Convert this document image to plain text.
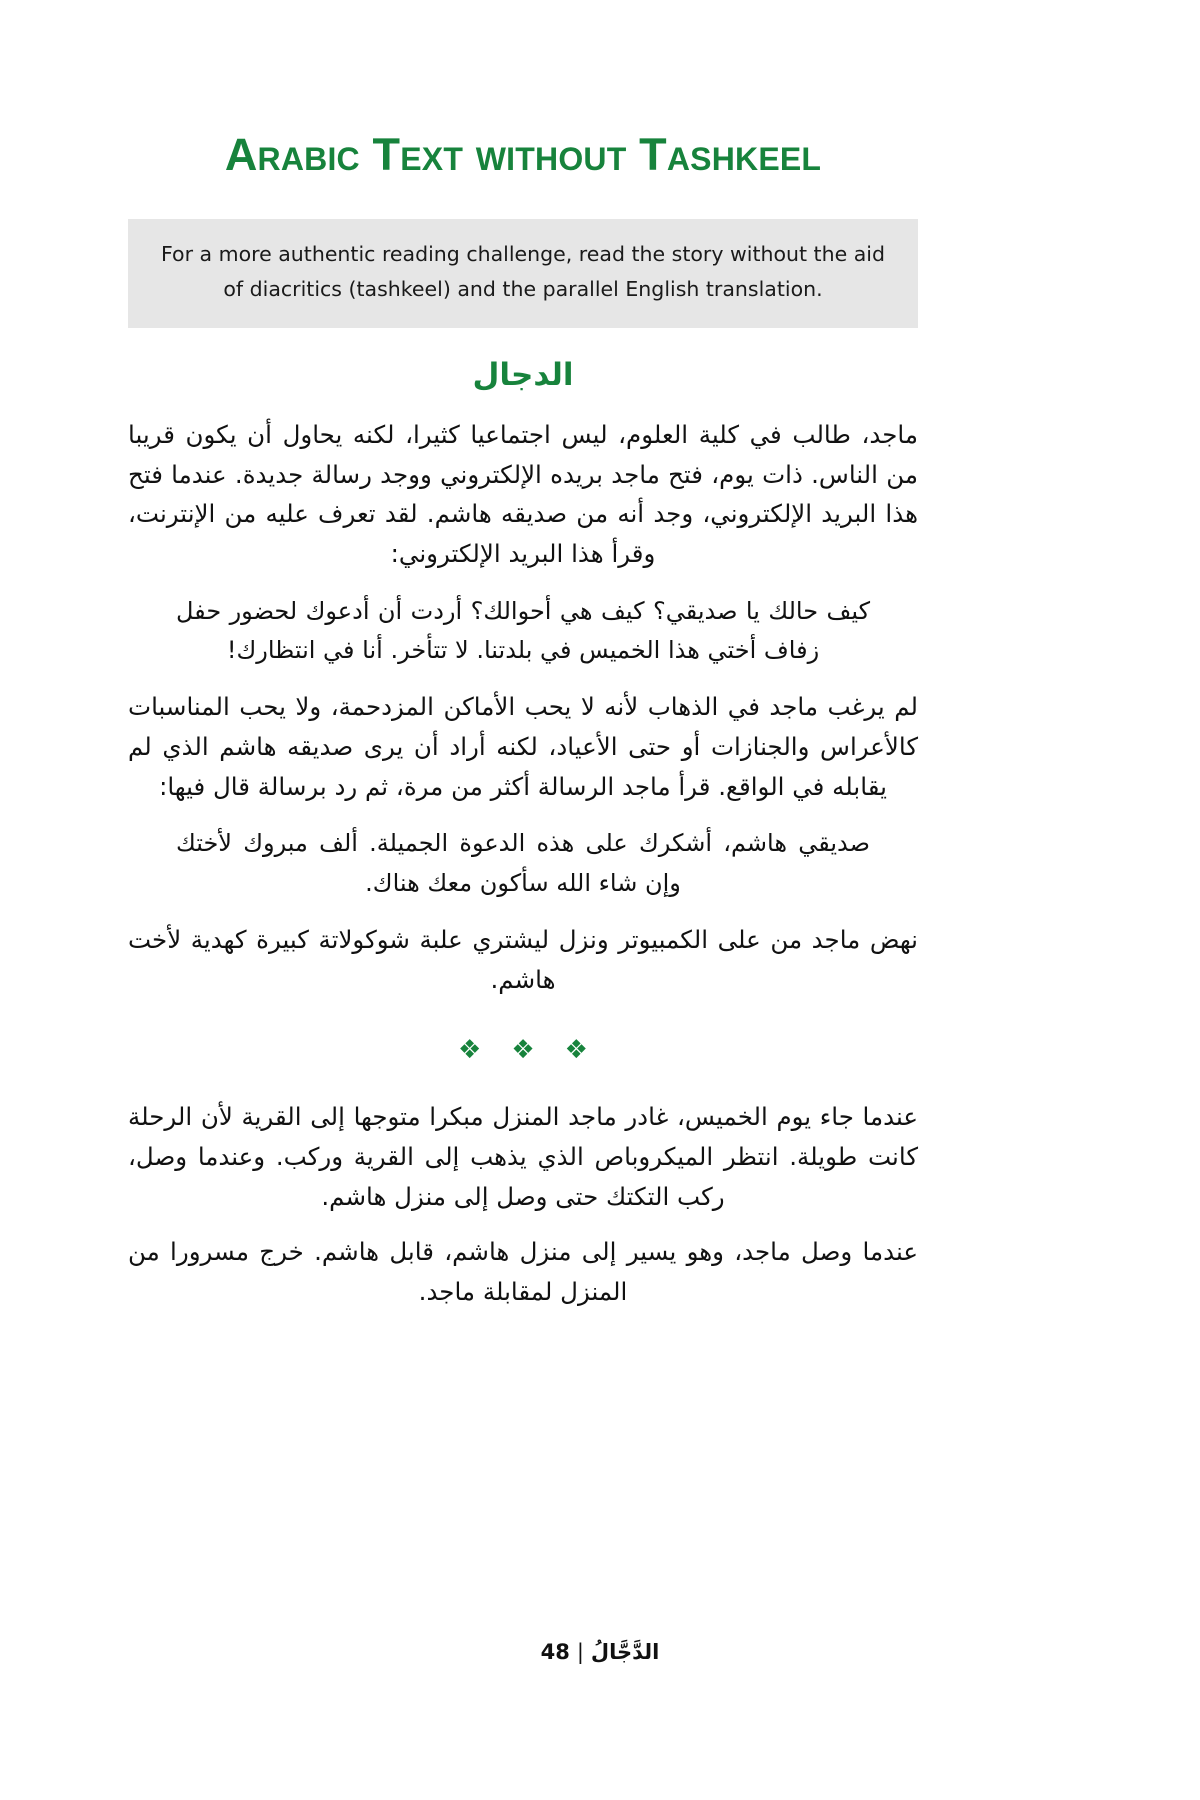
Arabic Text without Tashkeel

For a more authentic reading challenge, read the story without the aid of diacritics (tashkeel) and the parallel English translation.

الدجال

ماجد، طالب في كلية العلوم، ليس اجتماعيا كثيرا، لكنه يحاول أن يكون قريبا من الناس. ذات يوم، فتح ماجد بريده الإلكتروني ووجد رسالة جديدة. عندما فتح هذا البريد الإلكتروني، وجد أنه من صديقه هاشم. لقد تعرف عليه من الإنترنت، وقرأ هذا البريد الإلكتروني:

كيف حالك يا صديقي؟ كيف هي أحوالك؟ أردت أن أدعوك لحضور حفل زفاف أختي هذا الخميس في بلدتنا. لا تتأخر. أنا في انتظارك!

لم يرغب ماجد في الذهاب لأنه لا يحب الأماكن المزدحمة، ولا يحب المناسبات كالأعراس والجنازات أو حتى الأعياد، لكنه أراد أن يرى صديقه هاشم الذي لم يقابله في الواقع. قرأ ماجد الرسالة أكثر من مرة، ثم رد برسالة قال فيها:

صديقي هاشم، أشكرك على هذه الدعوة الجميلة. ألف مبروك لأختك وإن شاء الله سأكون معك هناك.

نهض ماجد من على الكمبيوتر ونزل ليشتري علبة شوكولاتة كبيرة كهدية لأخت هاشم.

❖❖❖

عندما جاء يوم الخميس، غادر ماجد المنزل مبكرا متوجها إلى القرية لأن الرحلة كانت طويلة. انتظر الميكروباص الذي يذهب إلى القرية وركب. وعندما وصل، ركب التكتك حتى وصل إلى منزل هاشم.

عندما وصل ماجد، وهو يسير إلى منزل هاشم، قابل هاشم. خرج مسرورا من المنزل لمقابلة ماجد.

الدَّجَّالُ|48
